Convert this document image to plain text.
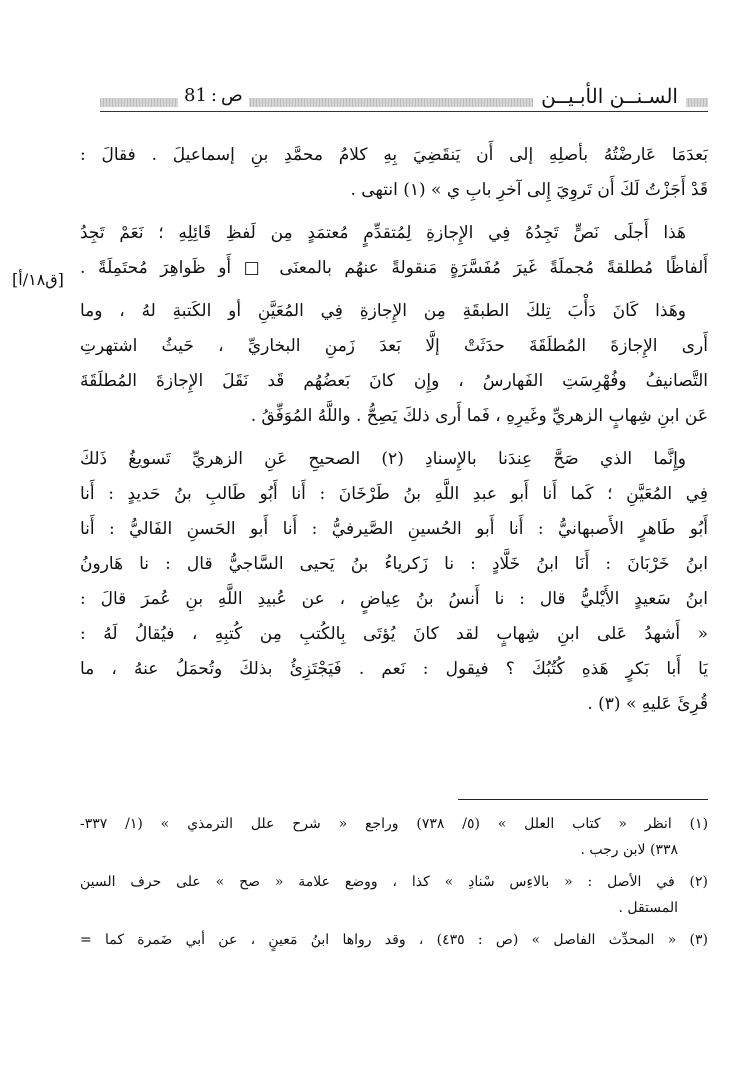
السـنــن الأبـيــن
ص:81
[ق١٨/أ]
بَعدَمَا عَارضْتُهُ بأصلِهِ إلى أَن يَنقَضِيَ بِهِ كلامُ محمَّدِ بنِ إسماعيلَ . فقالَ :
قَدْ أَجَزْتُ لَكَ أَن تَروِيَ إِلى آخرِ بابِ ي » (١) انتهى .
هَذا أَجلَى نَصٍّ تَجِدُهُ فِي الإِجازةِ لِمُتقدِّمٍ مُعتمَدٍ مِن لَفظِ قَائِلِهِ ؛ نَعَمْ تَجِدُ
أَلفاظًا مُطلقةً مُجملَةً غَيرَ مُفَسَّرَةٍ مَنقولةً عنهُم بالمعنَى □ أَو ظَواهِرَ مُحتَمِلَةً .
وهَذا كَانَ دَأْبَ تِلكَ الطبقَةِ مِن الإِجازةِ فِي المُعَيَّنِ أو الكَتبةِ لهُ ، وما
أَرى الإِجازةَ المُطلَقَةَ حدَثَتْ إلَّا بَعدَ زَمنِ البخاريِّ ، حَيثُ اشتهرتِ
التَّصانيفُ وفُهْرِسَتِ الفَهارسُ ، وإِن كانَ بَعضُهُم قَد نَقَلَ الإِجازةَ المُطلَقَةَ
عَن ابنِ شِهابٍ الزهريِّ وغَيرِهِ ، فَما أَرى ذلكَ يَصِحُّ . واللَّهُ المُوَفِّقُ .
وإِنَّما الذي صَحَّ عِندَنا بالإِسنادِ (٢) الصحيحِ عَنِ الزهريِّ تَسويغُ ذَلكَ
فِي المُعَيَّنِ ؛ كَما أَنا أَبو عبدِ اللَّهِ بنُ طَرْخَانَ : أَنا أَبُو طَالبِ بنُ حَديدٍ : أَنا
أَبُو طَاهرٍ الأَصبهانيُّ : أَنا أَبو الحُسينِ الصَّيرفيُّ : أَنا أَبو الحَسنِ الفَاليُّ : أَنا
ابنُ خَرْبَانَ : أَنَا ابنُ خَلَّادٍ : نا زَكرياءُ بنُ يَحيى السَّاجيُّ قال : نا هَارونُ
ابنُ سَعيدٍ الأَيْليُّ قال : نا أَنسُ بنُ عِياضٍ ، عن عُبيدِ اللَّهِ بنِ عُمرَ قالَ :
« أَشهدُ عَلى ابنِ شِهابٍ لقد كانَ يُؤتَى بِالكُتبِ مِن كُتبِهِ ، فيُقالُ لَهُ :
يَا أَبا بَكرٍ هَذهِ كُتُبُكَ ؟ فيقول : نَعم . فَيَجْتَزِئُ بذلكَ وتُحمَلُ عنهُ ، ما
قُرِئَ عَليهِ » (٣) .
(١) انظر « كتاب العلل » (٥/ ٧٣٨) وراجع « شرح علل الترمذي » (١/ ٣٣٧-
٣٣٨) لابن رجب .
(٢) في الأصل : « بالاءِس سْنادِ » كذا ، ووضع علامة « صح » على حرف السين
المستقل .
(٣) « المحدِّث الفاصل » (ص : ٤٣٥) ، وقد رواها ابنُ مَعينٍ ، عن أبي ضَمرة كما =
